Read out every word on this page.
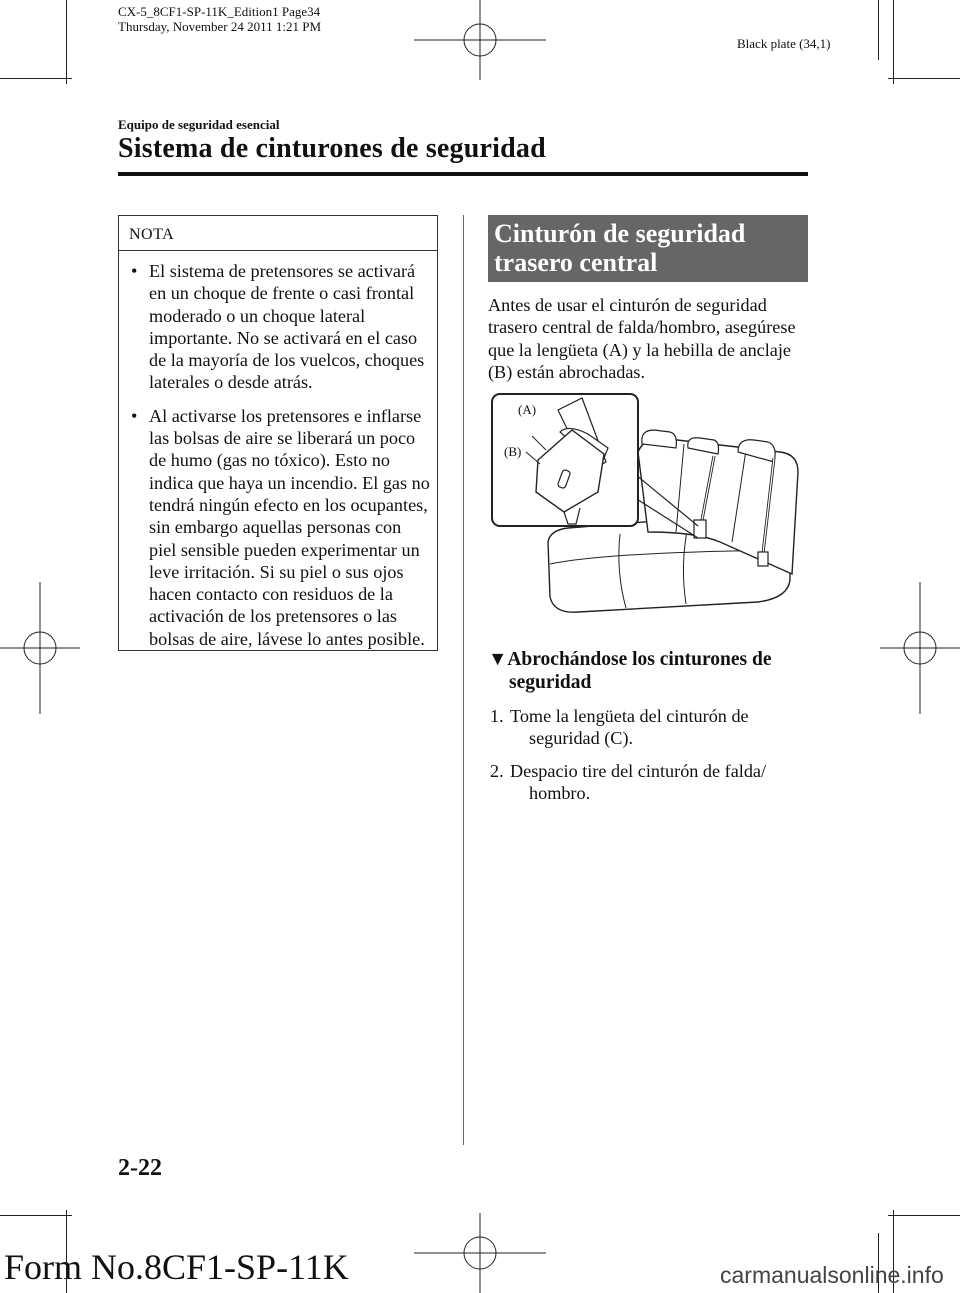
CX-5_8CF1-SP-11K_Edition1 Page34
Thursday, November 24 2011 1:21 PM
Black plate (34,1)
Equipo de seguridad esencial
Sistema de cinturones de seguridad
NOTA
• El sistema de pretensores se activará en un choque de frente o casi frontal moderado o un choque lateral importante. No se activará en el caso de la mayoría de los vuelcos, choques laterales o desde atrás.
• Al activarse los pretensores e inflarse las bolsas de aire se liberará un poco de humo (gas no tóxico). Esto no indica que haya un incendio. El gas no tendrá ningún efecto en los ocupantes, sin embargo aquellas personas con piel sensible pueden experimentar un leve irritación. Si su piel o sus ojos hacen contacto con residuos de la activación de los pretensores o las bolsas de aire, lávese lo antes posible.
Cinturón de seguridad
trasero central
Antes de usar el cinturón de seguridad trasero central de falda/hombro, asegúrese que la lengüeta (A) y la hebilla de anclaje (B) están abrochadas.
(A)
(B)
▼Abrochándose los cinturones de
seguridad
1. Tome la lengüeta del cinturón de
seguridad (C).
2. Despacio tire del cinturón de falda/
hombro.
2-22
Form No.8CF1-SP-11K	carmanualsonline.info
